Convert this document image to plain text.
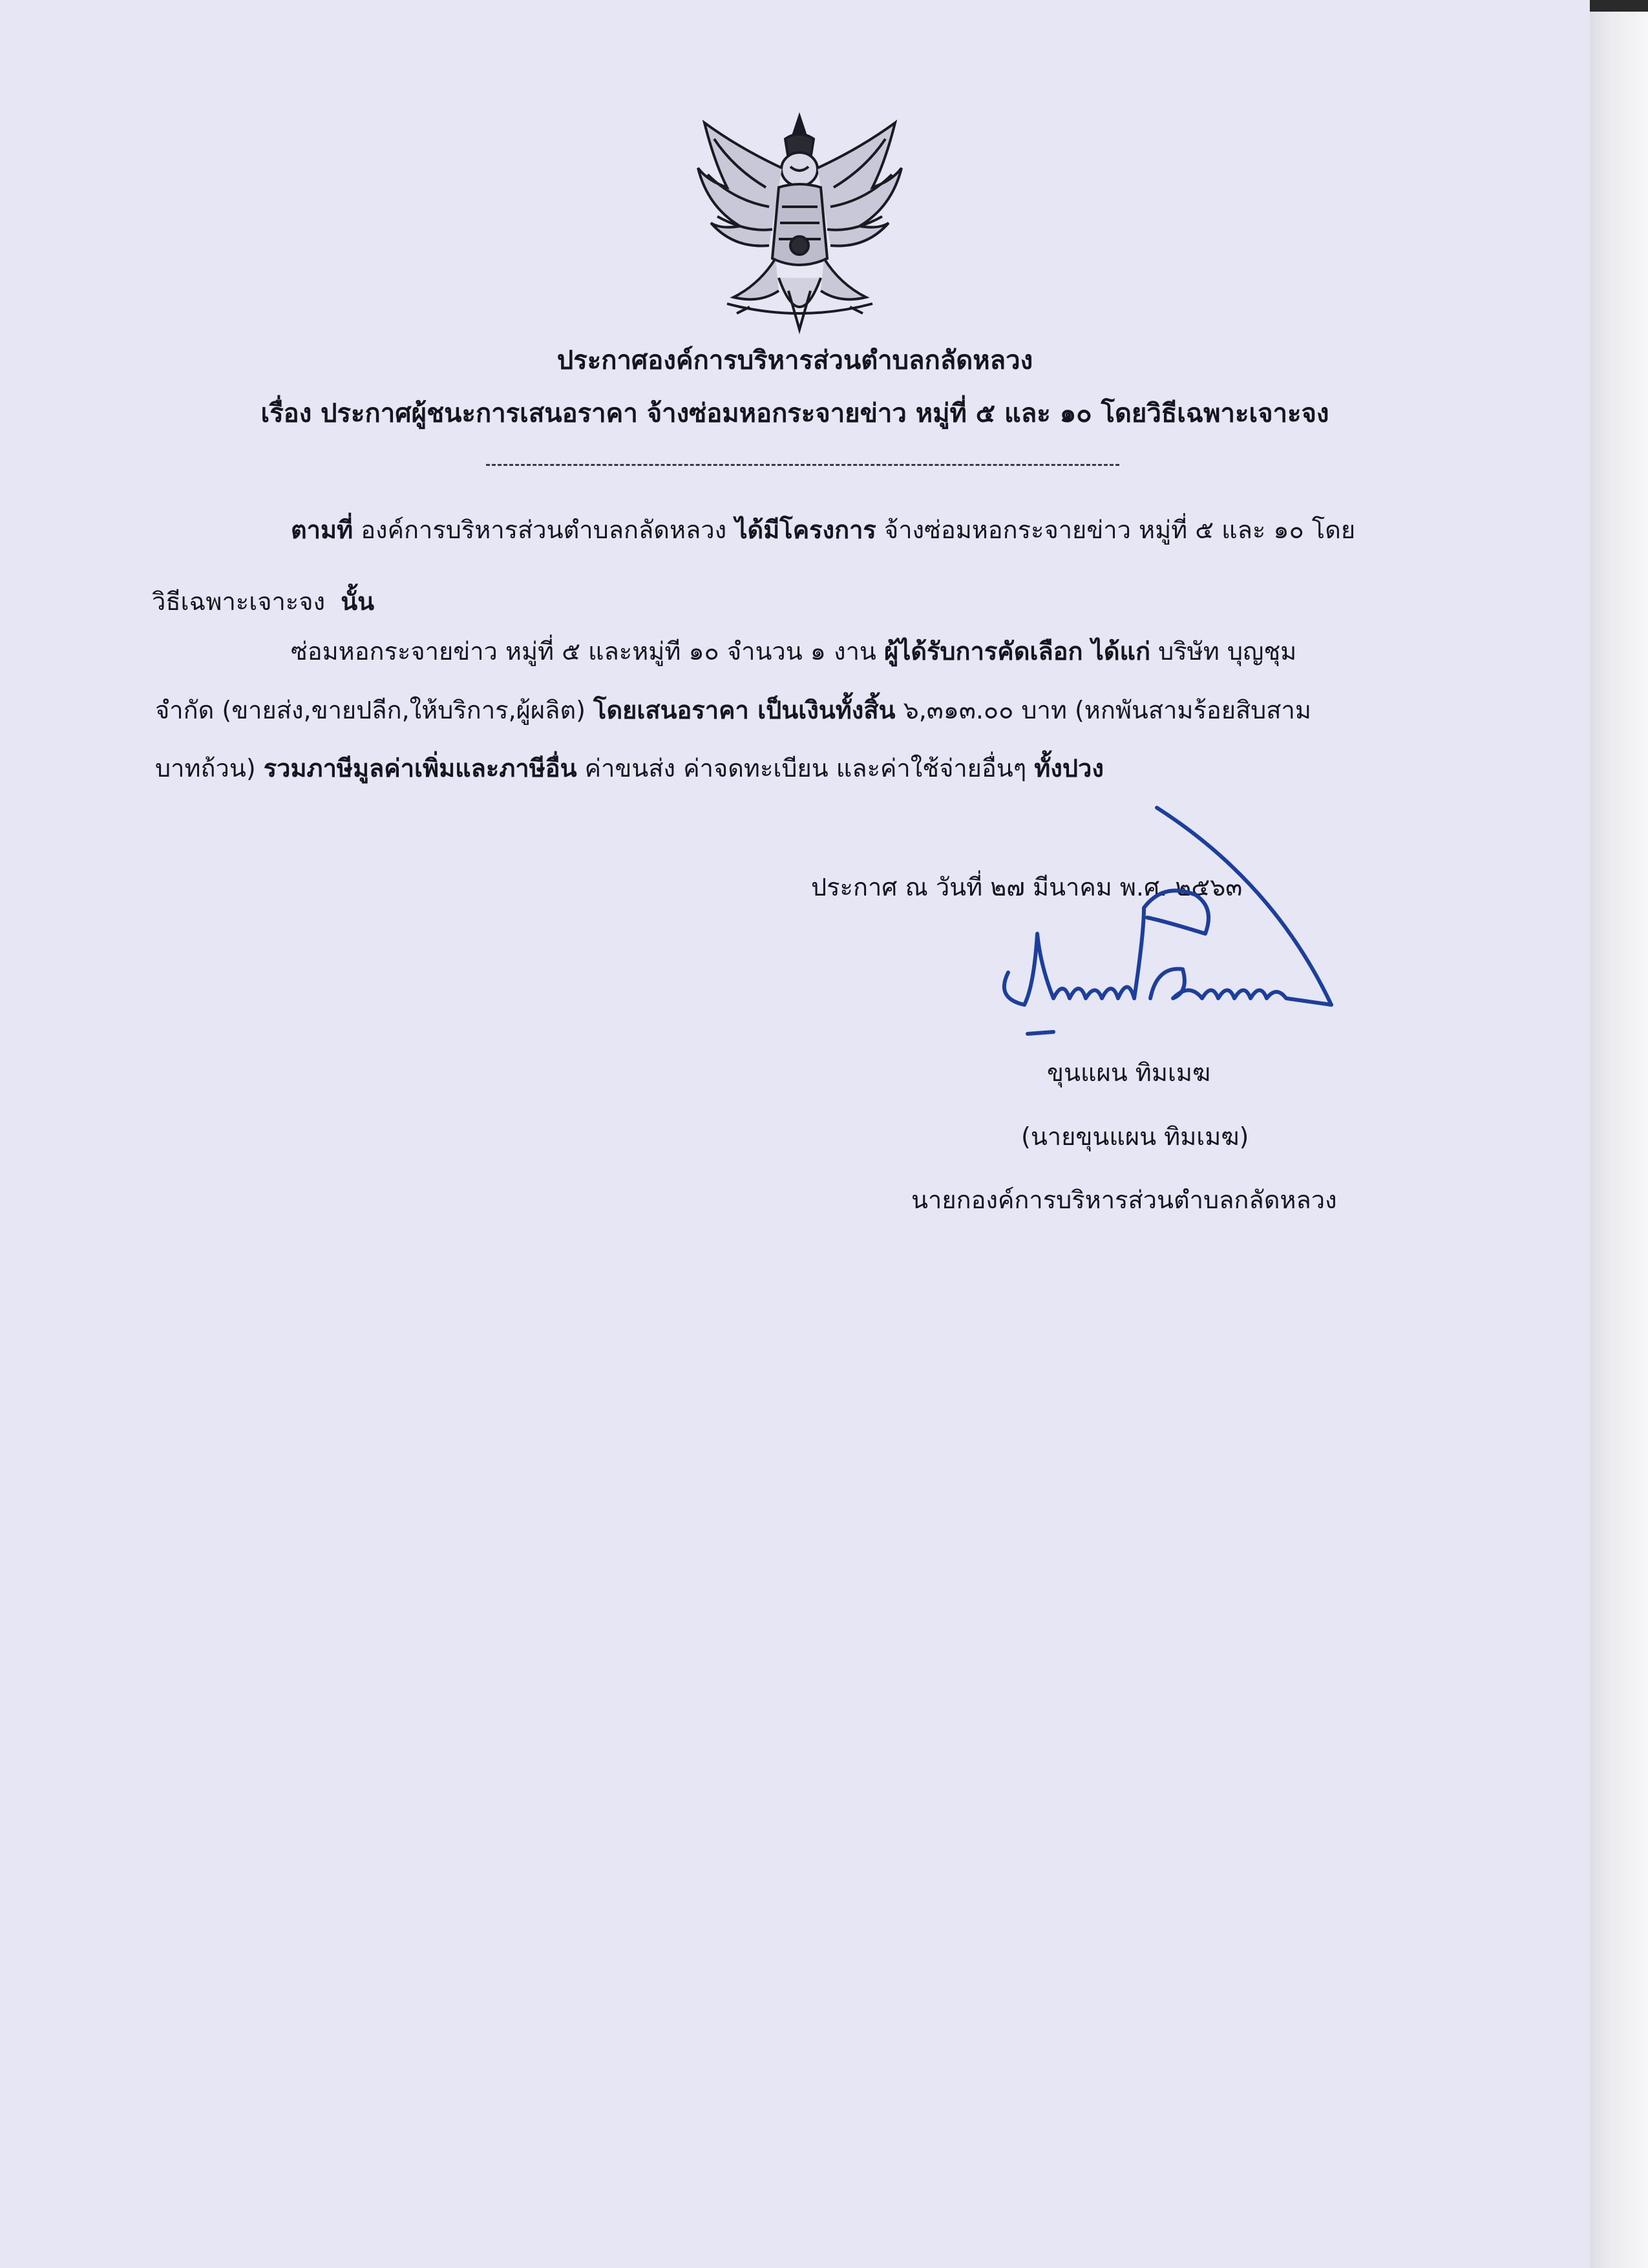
ประกาศองค์การบริหารส่วนตำบลกลัดหลวง
เรื่อง ประกาศผู้ชนะการเสนอราคา จ้างซ่อมหอกระจายข่าว หมู่ที่ ๕ และ ๑๐ โดยวิธีเฉพาะเจาะจง
ตามที่ องค์การบริหารส่วนตำบลกลัดหลวง ได้มีโครงการ จ้างซ่อมหอกระจายข่าว หมู่ที่ ๕ และ ๑๐ โดย
วิธีเฉพาะเจาะจง นั้น
ซ่อมหอกระจายข่าว หมู่ที่ ๕ และหมู่ที ๑๐ จำนวน ๑ งาน ผู้ได้รับการคัดเลือก ได้แก่ บริษัท บุญชุม
จำกัด (ขายส่ง,ขายปลีก,ให้บริการ,ผู้ผลิต) โดยเสนอราคา เป็นเงินทั้งสิ้น ๖,๓๑๓.๐๐ บาท (หกพันสามร้อยสิบสาม
บาทถ้วน) รวมภาษีมูลค่าเพิ่มและภาษีอื่น ค่าขนส่ง ค่าจดทะเบียน และค่าใช้จ่ายอื่นๆ ทั้งปวง
ประกาศ ณ วันที่ ๒๗ มีนาคม พ.ศ. ๒๕๖๓
ขุนแผน ทิมเมฆ
(นายขุนแผน ทิมเมฆ)
นายกองค์การบริหารส่วนตำบลกลัดหลวง
